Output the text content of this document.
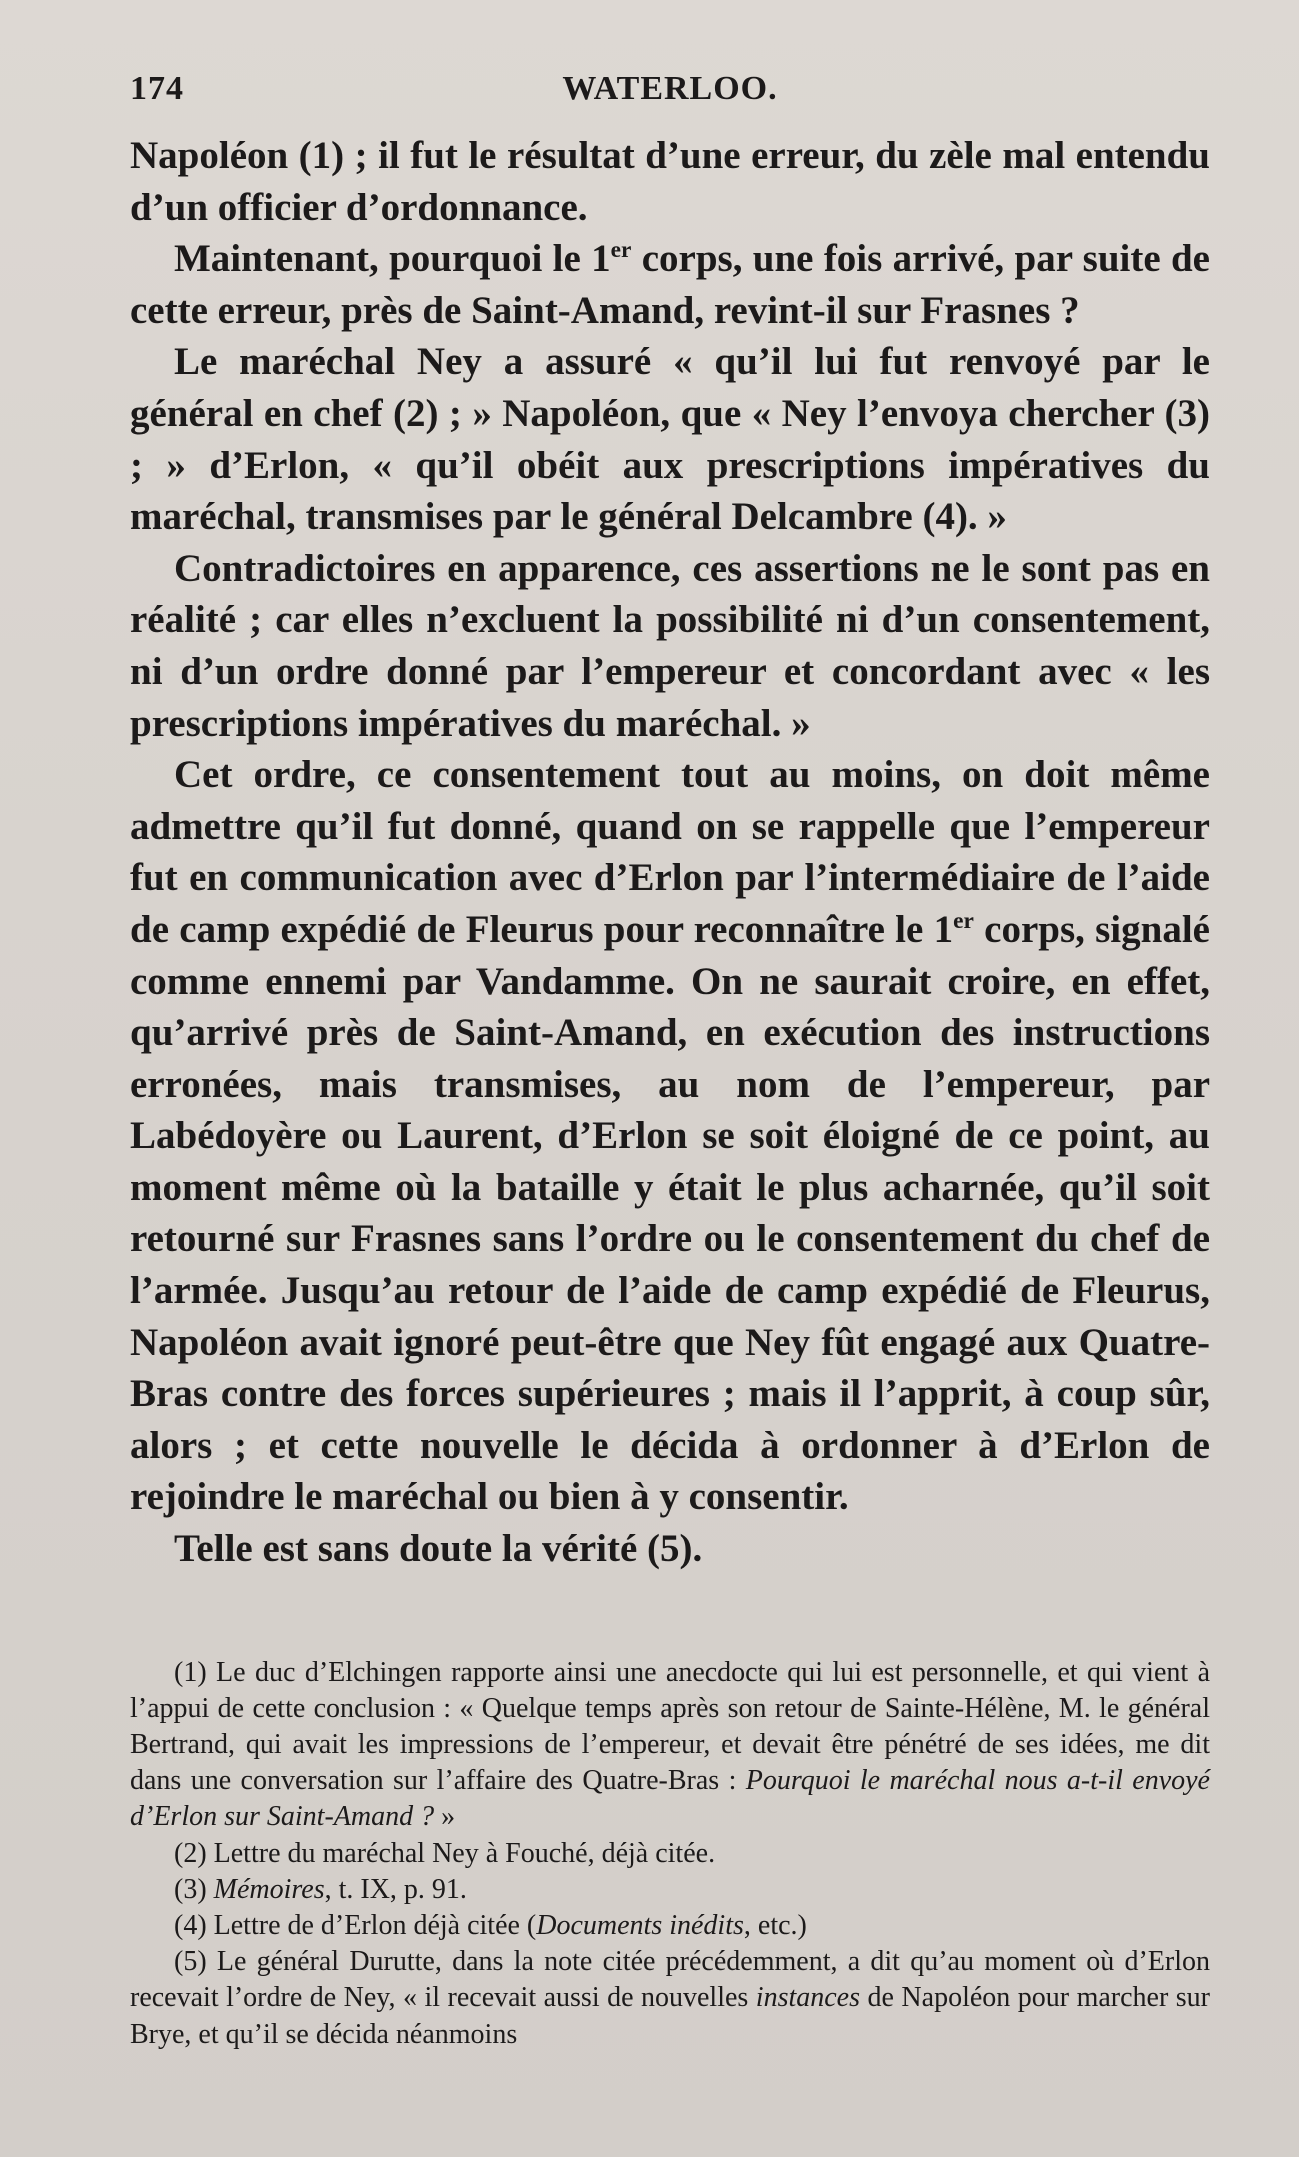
174	WATERLOO.

Napoléon (1) ; il fut le résultat d’une erreur, du zèle mal entendu d’un officier d’ordonnance.

Maintenant, pourquoi le 1er corps, une fois arrivé, par suite de cette erreur, près de Saint-Amand, revint-il sur Frasnes ?

Le maréchal Ney a assuré « qu’il lui fut renvoyé par le général en chef (2) ; » Napoléon, que « Ney l’envoya chercher (3) ; » d’Erlon, « qu’il obéit aux prescriptions impératives du maréchal, transmises par le général Delcambre (4). »

Contradictoires en apparence, ces assertions ne le sont pas en réalité ; car elles n’excluent la possibilité ni d’un consentement, ni d’un ordre donné par l’empereur et concordant avec « les prescriptions impératives du maréchal. »

Cet ordre, ce consentement tout au moins, on doit même admettre qu’il fut donné, quand on se rappelle que l’empereur fut en communication avec d’Erlon par l’intermédiaire de l’aide de camp expédié de Fleurus pour reconnaître le 1er corps, signalé comme ennemi par Vandamme. On ne saurait croire, en effet, qu’arrivé près de Saint-Amand, en exécution des instructions erronées, mais transmises, au nom de l’empereur, par Labédoyère ou Laurent, d’Erlon se soit éloigné de ce point, au moment même où la bataille y était le plus acharnée, qu’il soit retourné sur Frasnes sans l’ordre ou le consentement du chef de l’armée. Jusqu’au retour de l’aide de camp expédié de Fleurus, Napoléon avait ignoré peut-être que Ney fût engagé aux Quatre-Bras contre des forces supérieures ; mais il l’apprit, à coup sûr, alors ; et cette nouvelle le décida à ordonner à d’Erlon de rejoindre le maréchal ou bien à y consentir.

Telle est sans doute la vérité (5).

(1) Le duc d’Elchingen rapporte ainsi une anecdocte qui lui est personnelle, et qui vient à l’appui de cette conclusion : « Quelque temps après son retour de Sainte-Hélène, M. le général Bertrand, qui avait les impressions de l’empereur, et devait être pénétré de ses idées, me dit dans une conversation sur l’affaire des Quatre-Bras : Pourquoi le maréchal nous a-t-il envoyé d’Erlon sur Saint-Amand ? »

(2) Lettre du maréchal Ney à Fouché, déjà citée.

(3) Mémoires, t. IX, p. 91.

(4) Lettre de d’Erlon déjà citée (Documents inédits, etc.)

(5) Le général Durutte, dans la note citée précédemment, a dit qu’au moment où d’Erlon recevait l’ordre de Ney, « il recevait aussi de nouvelles instances de Napoléon pour marcher sur Brye, et qu’il se décida néanmoins
